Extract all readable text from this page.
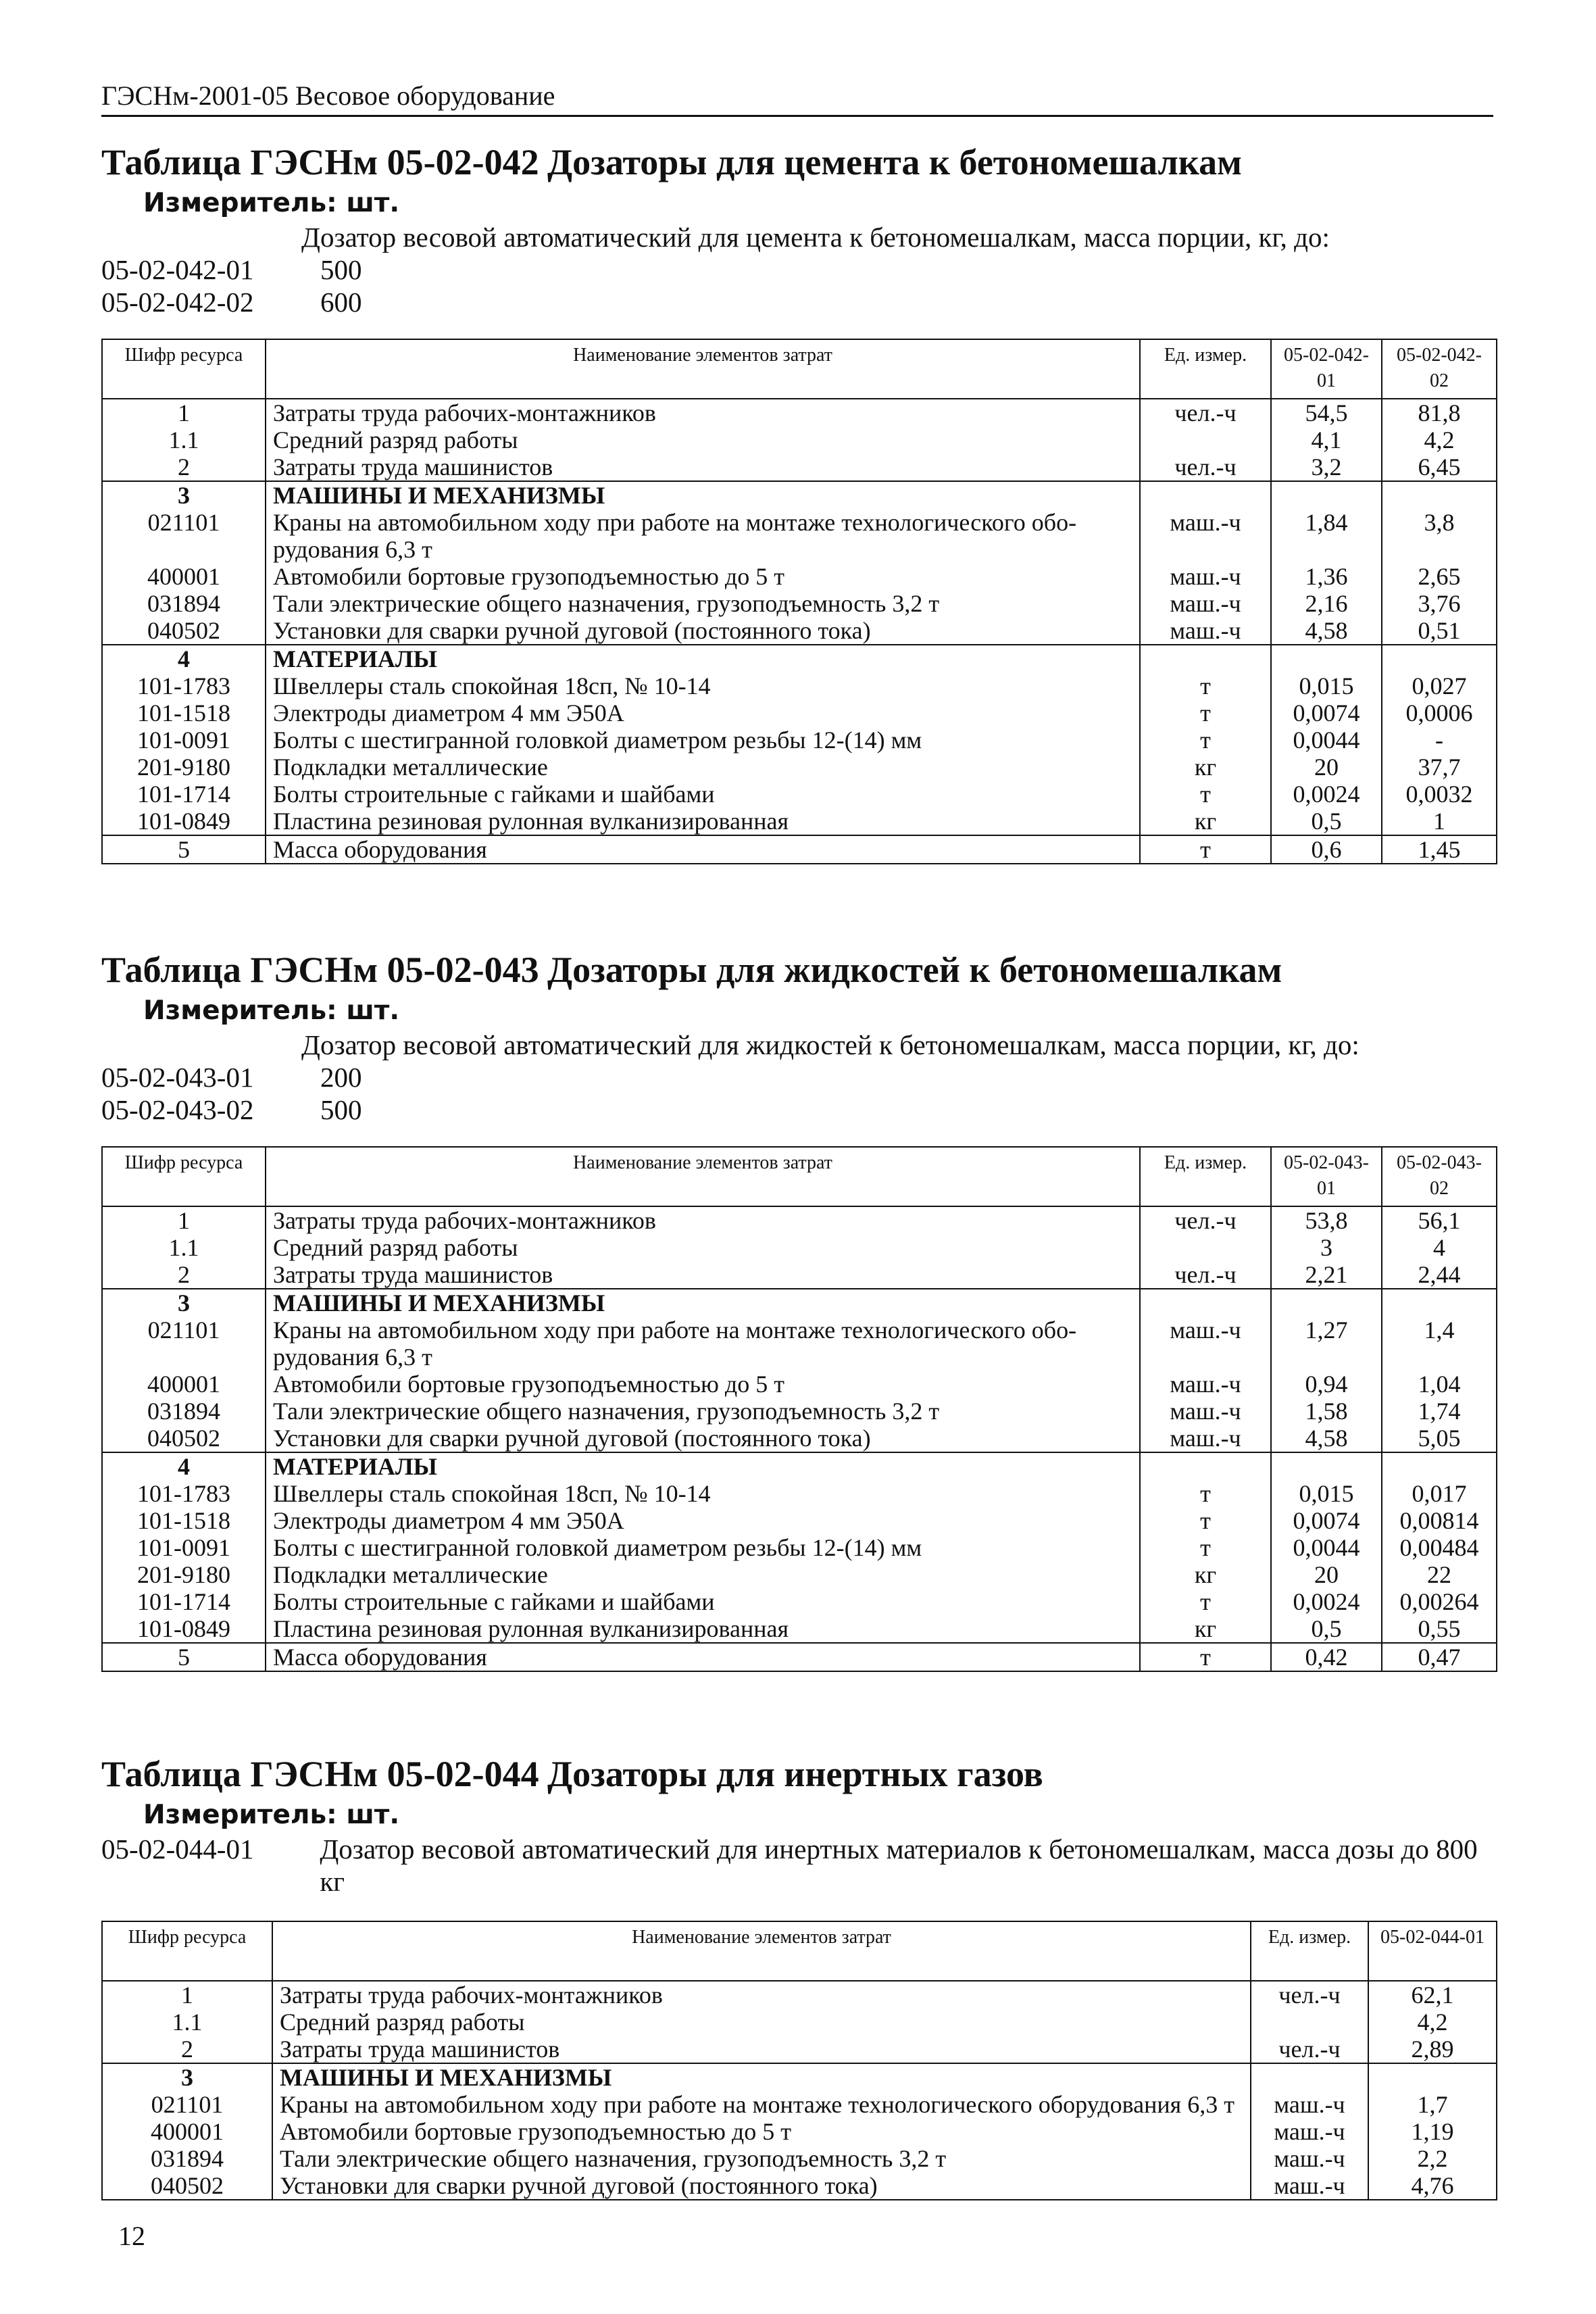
ГЭСНм-2001-05 Весовое оборудование
Таблица ГЭСНм 05-02-042 Дозаторы для цемента к бетономешалкам
Измеритель: шт.
Дозатор весовой автоматический для цемента к бетономешалкам, масса порции, кг, до:
05-02-042-01	500
05-02-042-02	600
Шифр ресурса	Наименование элементов затрат	Ед. измер.	05-02-042-01	05-02-042-02
1	Затраты труда рабочих-монтажников	чел.-ч	54,5	81,8
1.1	Средний разряд работы		4,1	4,2
2	Затраты труда машинистов	чел.-ч	3,2	6,45
3	МАШИНЫ И МЕХАНИЗМЫ			
021101	Краны на автомобильном ходу при работе на монтаже технологического обо-рудования 6,3 т	маш.-ч	1,84	3,8
400001	Автомобили бортовые грузоподъемностью до 5 т	маш.-ч	1,36	2,65
031894	Тали электрические общего назначения, грузоподъемность 3,2 т	маш.-ч	2,16	3,76
040502	Установки для сварки ручной дуговой (постоянного тока)	маш.-ч	4,58	0,51
4	МАТЕРИАЛЫ			
101-1783	Швеллеры сталь спокойная 18сп, № 10-14	т	0,015	0,027
101-1518	Электроды диаметром 4 мм Э50А	т	0,0074	0,0006
101-0091	Болты с шестигранной головкой диаметром резьбы 12-(14) мм	т	0,0044	-
201-9180	Подкладки металлические	кг	20	37,7
101-1714	Болты строительные с гайками и шайбами	т	0,0024	0,0032
101-0849	Пластина резиновая рулонная вулканизированная	кг	0,5	1
5	Масса оборудования	т	0,6	1,45
Таблица ГЭСНм 05-02-043 Дозаторы для жидкостей к бетономешалкам
Измеритель: шт.
Дозатор весовой автоматический для жидкостей к бетономешалкам, масса порции, кг, до:
05-02-043-01	200
05-02-043-02	500
Шифр ресурса	Наименование элементов затрат	Ед. измер.	05-02-043-01	05-02-043-02
1	Затраты труда рабочих-монтажников	чел.-ч	53,8	56,1
1.1	Средний разряд работы		3	4
2	Затраты труда машинистов	чел.-ч	2,21	2,44
3	МАШИНЫ И МЕХАНИЗМЫ			
021101	Краны на автомобильном ходу при работе на монтаже технологического обо-рудования 6,3 т	маш.-ч	1,27	1,4
400001	Автомобили бортовые грузоподъемностью до 5 т	маш.-ч	0,94	1,04
031894	Тали электрические общего назначения, грузоподъемность 3,2 т	маш.-ч	1,58	1,74
040502	Установки для сварки ручной дуговой (постоянного тока)	маш.-ч	4,58	5,05
4	МАТЕРИАЛЫ			
101-1783	Швеллеры сталь спокойная 18сп, № 10-14	т	0,015	0,017
101-1518	Электроды диаметром 4 мм Э50А	т	0,0074	0,00814
101-0091	Болты с шестигранной головкой диаметром резьбы 12-(14) мм	т	0,0044	0,00484
201-9180	Подкладки металлические	кг	20	22
101-1714	Болты строительные с гайками и шайбами	т	0,0024	0,00264
101-0849	Пластина резиновая рулонная вулканизированная	кг	0,5	0,55
5	Масса оборудования	т	0,42	0,47
Таблица ГЭСНм 05-02-044 Дозаторы для инертных газов
Измеритель: шт.
05-02-044-01	Дозатор весовой автоматический для инертных материалов к бетономешалкам, масса дозы до 800 кг
Шифр ресурса	Наименование элементов затрат	Ед. измер.	05-02-044-01
1	Затраты труда рабочих-монтажников	чел.-ч	62,1
1.1	Средний разряд работы		4,2
2	Затраты труда машинистов	чел.-ч	2,89
3	МАШИНЫ И МЕХАНИЗМЫ		
021101	Краны на автомобильном ходу при работе на монтаже технологического оборудования 6,3 т	маш.-ч	1,7
400001	Автомобили бортовые грузоподъемностью до 5 т	маш.-ч	1,19
031894	Тали электрические общего назначения, грузоподъемность 3,2 т	маш.-ч	2,2
040502	Установки для сварки ручной дуговой (постоянного тока)	маш.-ч	4,76
12
